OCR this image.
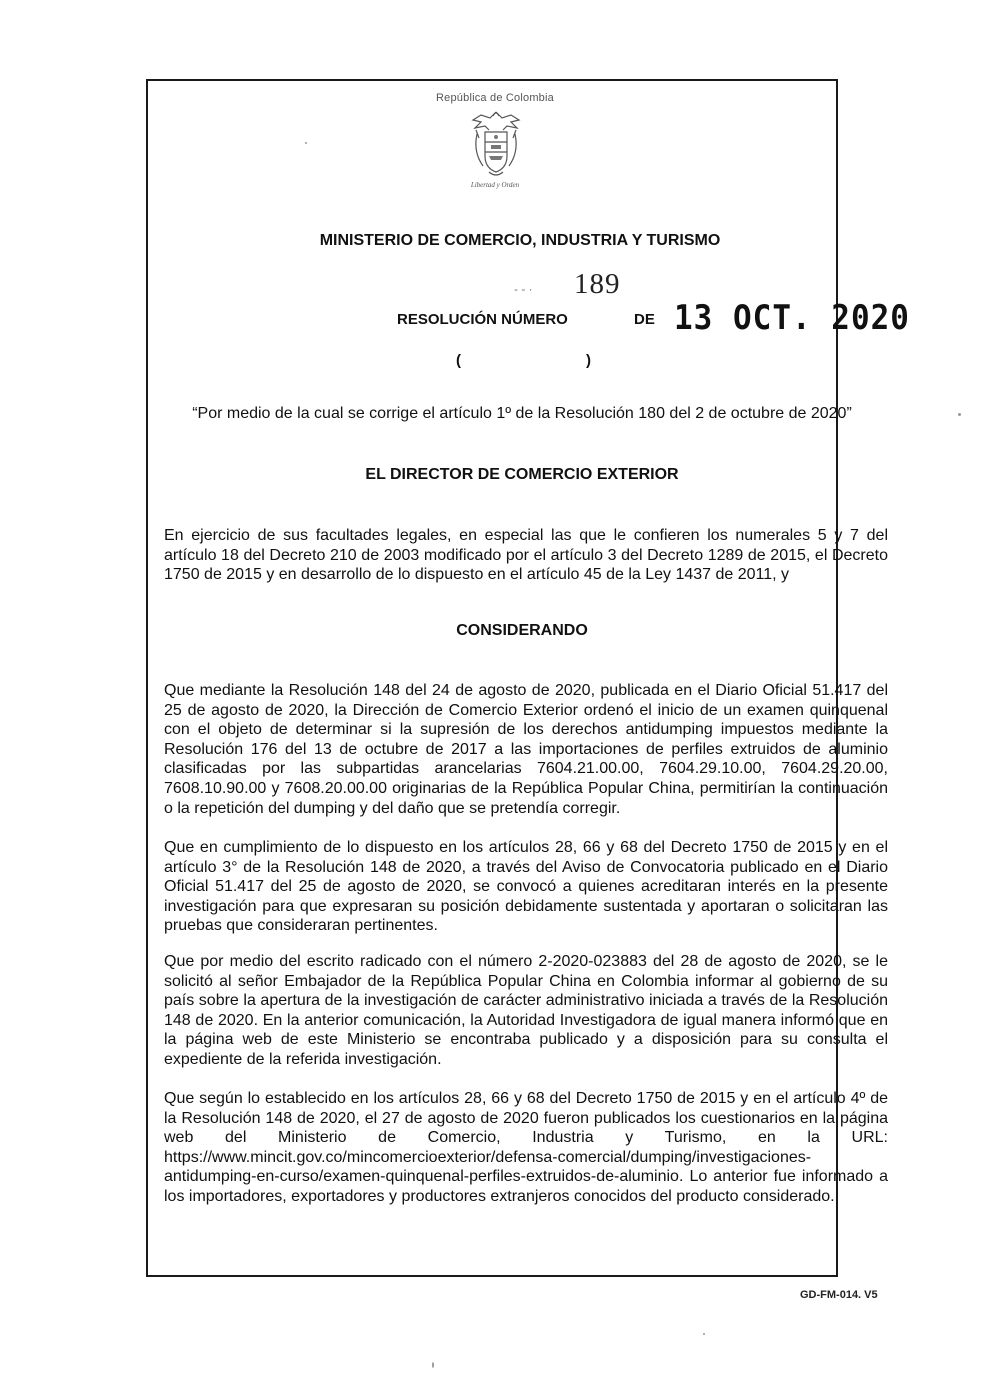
República de Colombia
Libertad y Orden
MINISTERIO DE COMERCIO, INDUSTRIA Y TURISMO
- - · 189
RESOLUCIÓN NÚMERO	DE 13 OCT. 2020
(	)
“Por medio de la cual se corrige el artículo 1º de la Resolución 180 del 2 de octubre de 2020”
EL DIRECTOR DE COMERCIO EXTERIOR

En ejercicio de sus facultades legales, en especial las que le confieren los numerales 5 y 7 del artículo 18 del Decreto 210 de 2003 modificado por el artículo 3 del Decreto 1289 de 2015, el Decreto 1750 de 2015 y en desarrollo de lo dispuesto en el artículo 45 de la Ley 1437 de 2011, y

CONSIDERANDO

Que mediante la Resolución 148 del 24 de agosto de 2020, publicada en el Diario Oficial 51.417 del 25 de agosto de 2020, la Dirección de Comercio Exterior ordenó el inicio de un examen quinquenal con el objeto de determinar si la supresión de los derechos antidumping impuestos mediante la Resolución 176 del 13 de octubre de 2017 a las importaciones de perfiles extruidos de aluminio clasificadas por las subpartidas arancelarias 7604.21.00.00, 7604.29.10.00, 7604.29.20.00, 7608.10.90.00 y 7608.20.00.00 originarias de la República Popular China, permitirían la continuación o la repetición del dumping y del daño que se pretendía corregir.

Que en cumplimiento de lo dispuesto en los artículos 28, 66 y 68 del Decreto 1750 de 2015 y en el artículo 3° de la Resolución 148 de 2020, a través del Aviso de Convocatoria publicado en el Diario Oficial 51.417 del 25 de agosto de 2020, se convocó a quienes acreditaran interés en la presente investigación para que expresaran su posición debidamente sustentada y aportaran o solicitaran las pruebas que consideraran pertinentes.

Que por medio del escrito radicado con el número 2-2020-023883 del 28 de agosto de 2020, se le solicitó al señor Embajador de la República Popular China en Colombia informar al gobierno de su país sobre la apertura de la investigación de carácter administrativo iniciada a través de la Resolución 148 de 2020. En la anterior comunicación, la Autoridad Investigadora de igual manera informó que en la página web de este Ministerio se encontraba publicado y a disposición para su consulta el expediente de la referida investigación.

Que según lo establecido en los artículos 28, 66 y 68 del Decreto 1750 de 2015 y en el artículo 4º de la Resolución 148 de 2020, el 27 de agosto de 2020 fueron publicados los cuestionarios en la página web del Ministerio de Comercio, Industria y Turismo, en la URL: https://www.mincit.gov.co/mincomercioexterior/defensa-comercial/dumping/investigaciones-antidumping-en-curso/examen-quinquenal-perfiles-extruidos-de-aluminio. Lo anterior fue informado a los importadores, exportadores y productores extranjeros conocidos del producto considerado.

GD-FM-014. V5
